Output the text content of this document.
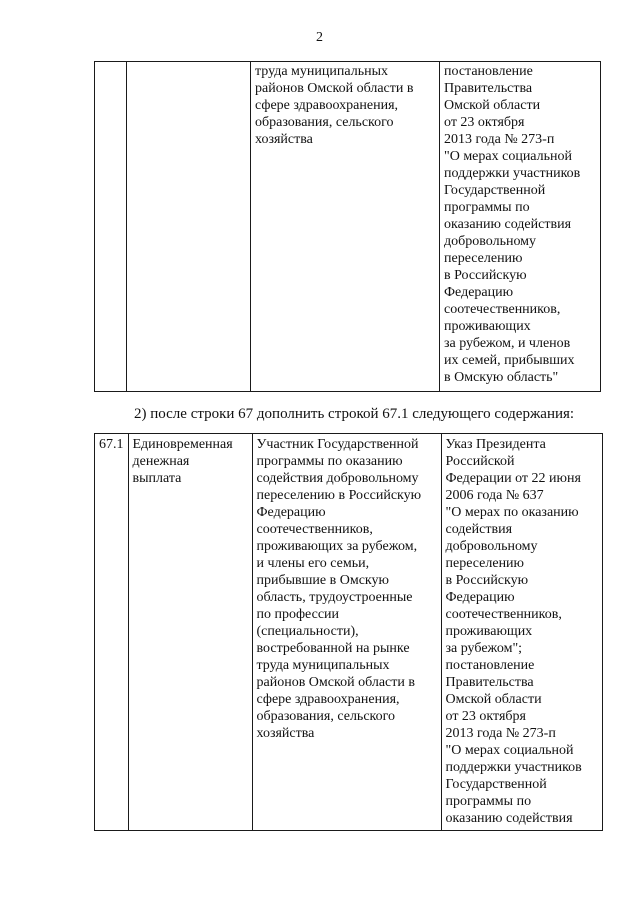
2
		труда муниципальных
районов Омской области в
сфере здравоохранения,
образования, сельского
хозяйства	постановление
Правительства
Омской области
от 23 октября
2013 года № 273-п
"О мерах социальной
поддержки участников
Государственной
программы по
оказанию содействия
добровольному
переселению
в Российскую
Федерацию
соотечественников,
проживающих
за рубежом, и членов
их семей, прибывших
в Омскую область"
2) после строки 67 дополнить строкой 67.1 следующего содержания:
67.1	Единовременная
денежная
выплата	Участник Государственной
программы по оказанию
содействия добровольному
переселению в Российскую
Федерацию
соотечественников,
проживающих за рубежом,
и члены его семьи,
прибывшие в Омскую
область, трудоустроенные
по профессии
(специальности),
востребованной на рынке
труда муниципальных
районов Омской области в
сфере здравоохранения,
образования, сельского
хозяйства	Указ Президента
Российской
Федерации от 22 июня
2006 года № 637
"О мерах по оказанию
содействия
добровольному
переселению
в Российскую
Федерацию
соотечественников,
проживающих
за рубежом";
постановление
Правительства
Омской области
от 23 октября
2013 года № 273-п
"О мерах социальной
поддержки участников
Государственной
программы по
оказанию содействия
